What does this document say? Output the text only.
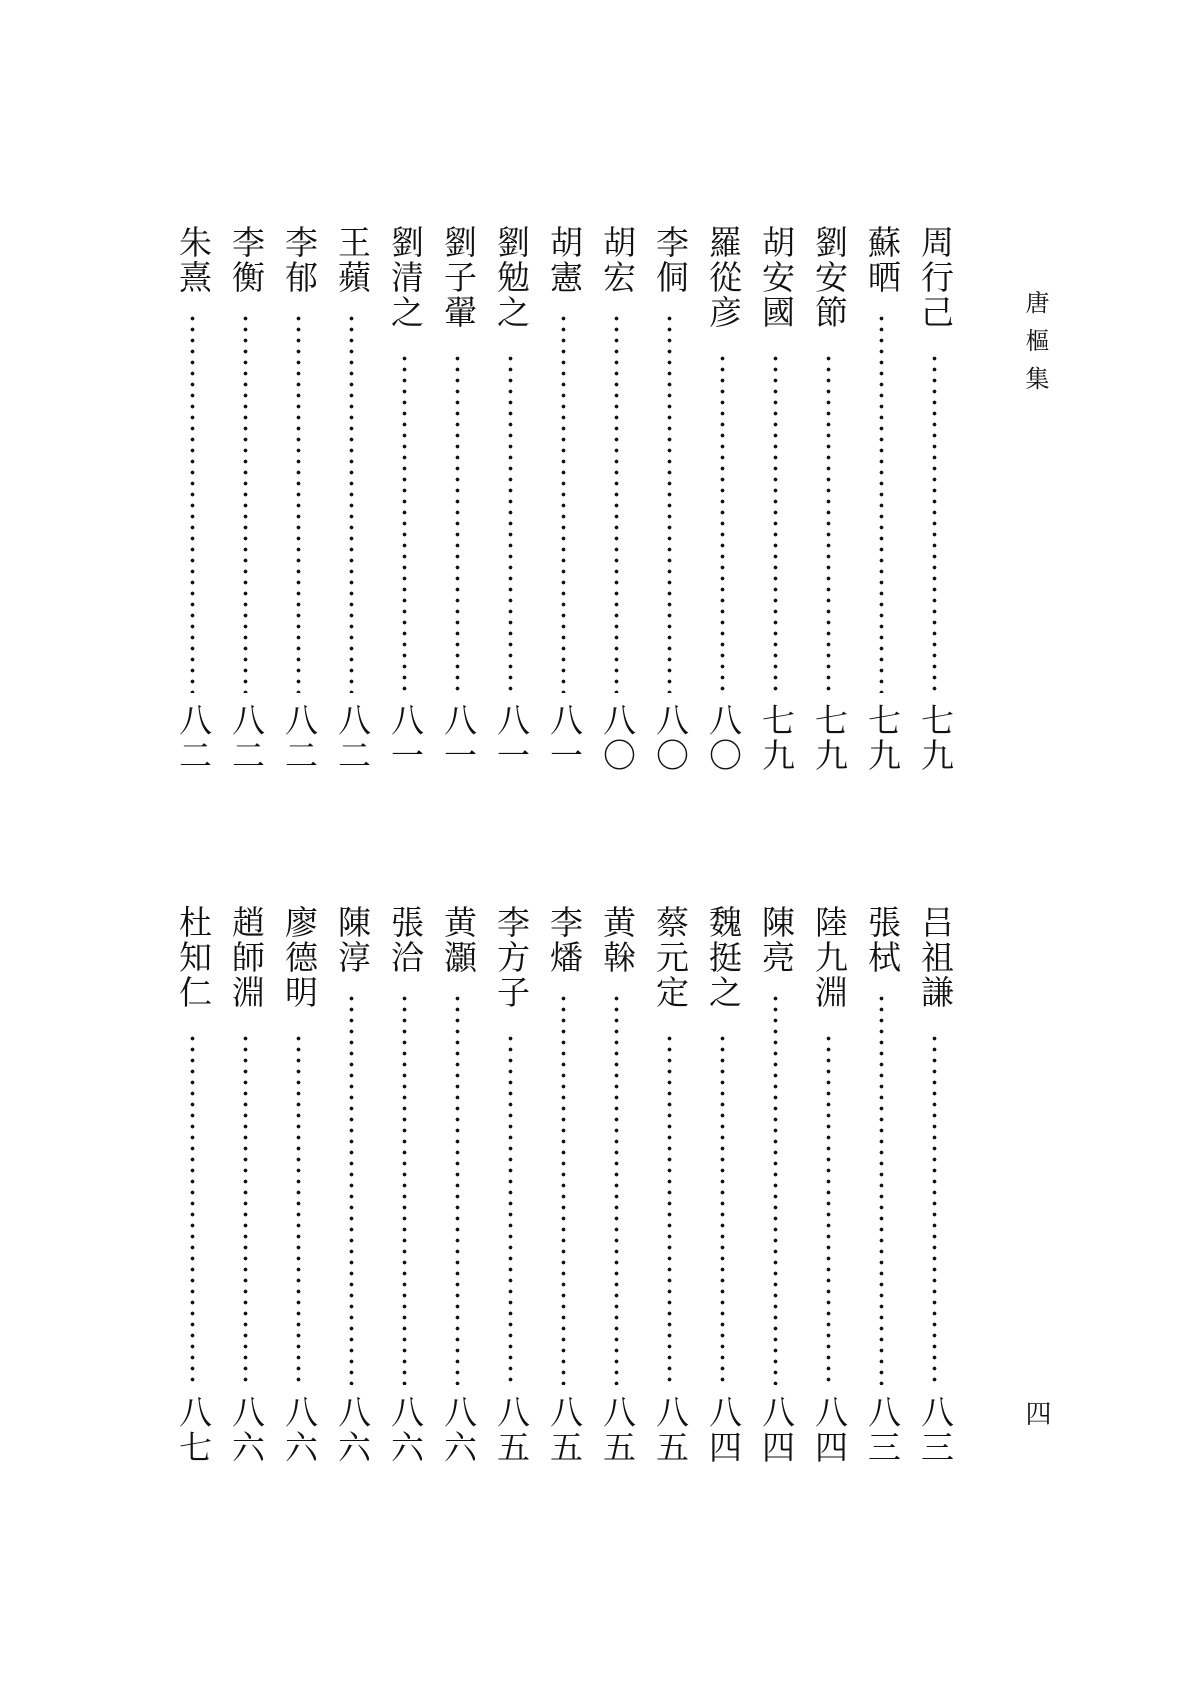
唐樞集
四
周行己
七九
蘇晒
七九
劉安節
七九
胡安國
七九
羅從彦
八〇
李侗
八〇
胡宏
八〇
胡憲
八一
劉勉之
八一
劉子翬
八一
劉清之
八一
王蘋
八二
李郁
八二
李衡
八二
朱熹
八二
吕祖謙
八三
張栻
八三
陸九淵
八四
陳亮
八四
魏挺之
八四
蔡元定
八五
黄榦
八五
李燔
八五
李方子
八五
黄灝
八六
張洽
八六
陳淳
八六
廖德明
八六
趙師淵
八六
杜知仁
八七
